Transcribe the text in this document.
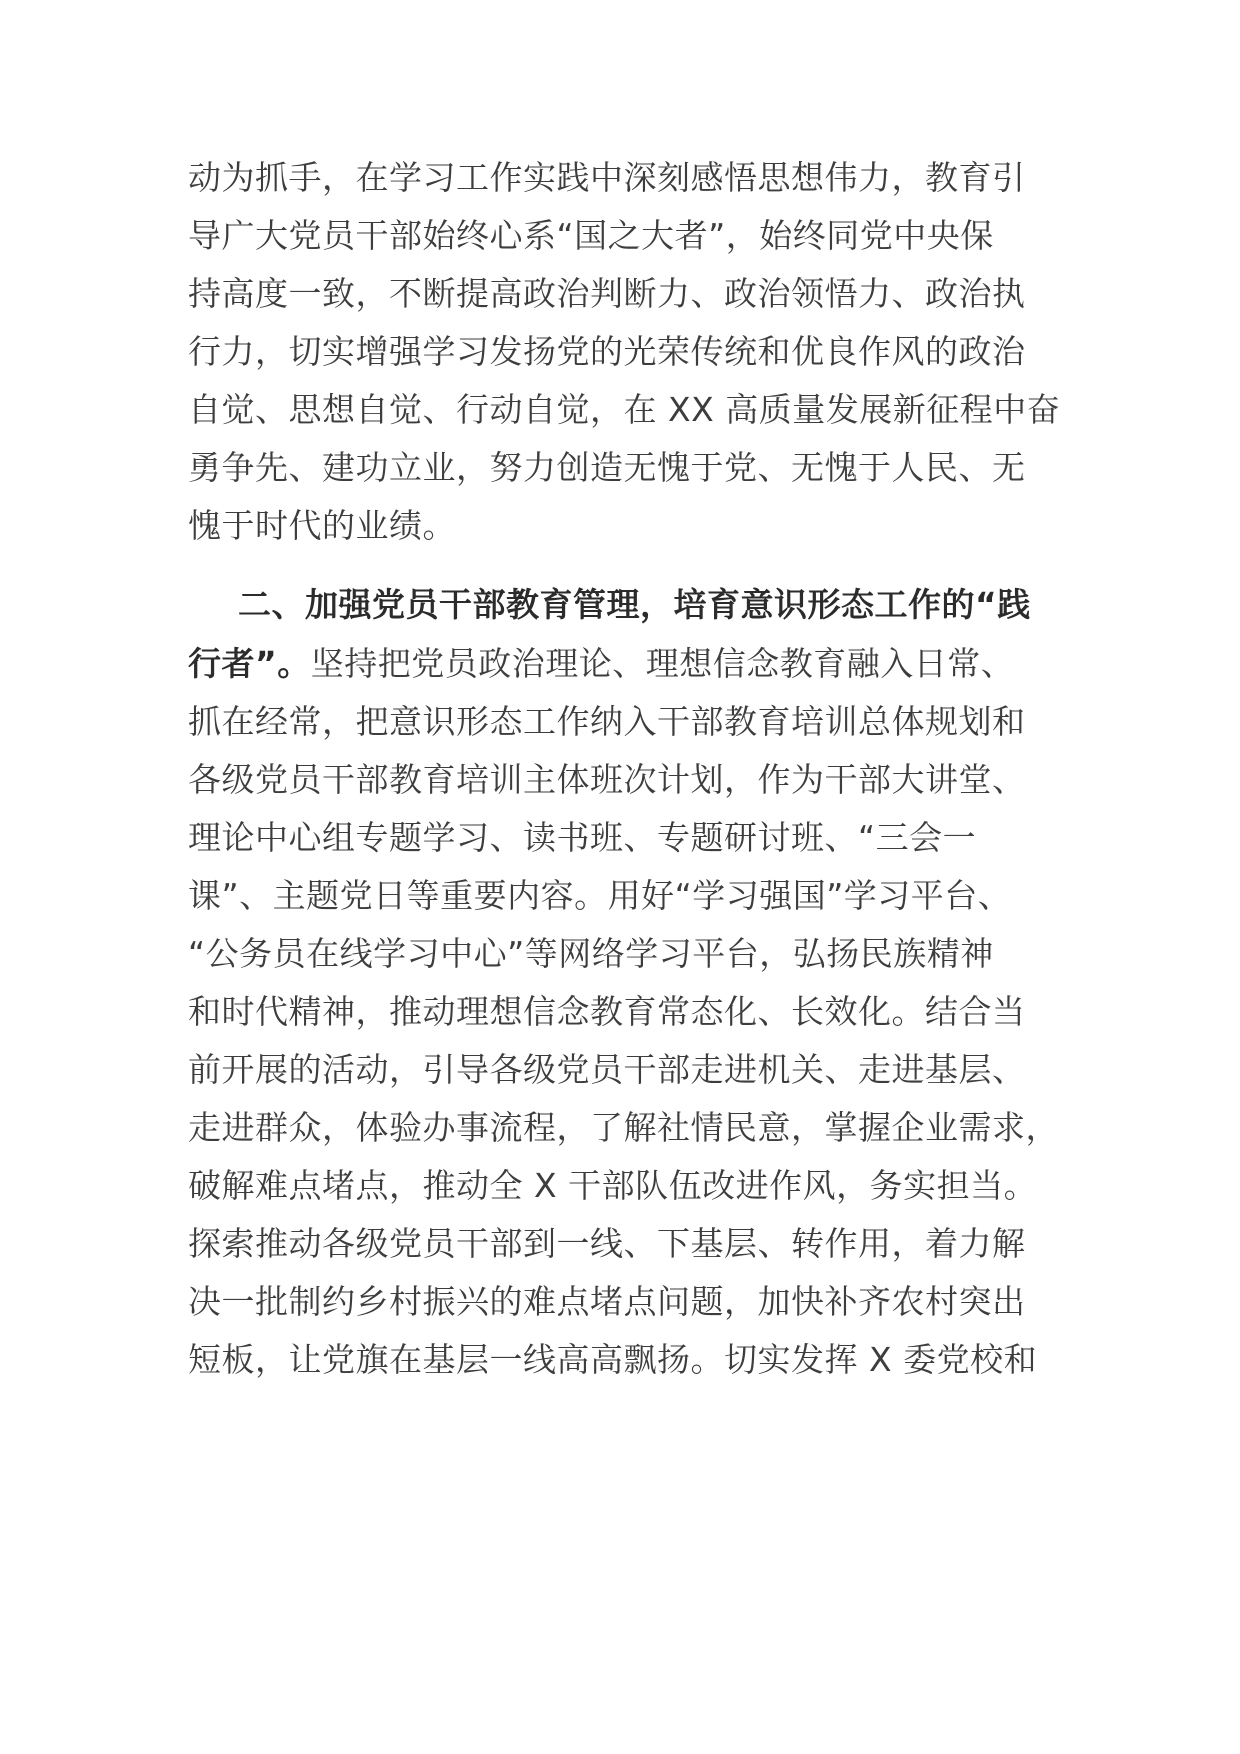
动为抓手，在学习工作实践中深刻感悟思想伟力，教育引
导广大党员干部始终心系“国之大者”，始终同党中央保
持高度一致，不断提高政治判断力、政治领悟力、政治执
行力，切实增强学习发扬党的光荣传统和优良作风的政治
自觉、思想自觉、行动自觉，在 XX 高质量发展新征程中奋
勇争先、建功立业，努力创造无愧于党、无愧于人民、无
愧于时代的业绩。
二、加强党员干部教育管理，培育意识形态工作的“践
行者”。坚持把党员政治理论、理想信念教育融入日常、
抓在经常，把意识形态工作纳入干部教育培训总体规划和
各级党员干部教育培训主体班次计划，作为干部大讲堂、
理论中心组专题学习、读书班、专题研讨班、“三会一
课”、主题党日等重要内容。用好“学习强国”学习平台、
“公务员在线学习中心”等网络学习平台，弘扬民族精神
和时代精神，推动理想信念教育常态化、长效化。结合当
前开展的活动，引导各级党员干部走进机关、走进基层、
走进群众，体验办事流程，了解社情民意，掌握企业需求，
破解难点堵点，推动全 X 干部队伍改进作风，务实担当。
探索推动各级党员干部到一线、下基层、转作用，着力解
决一批制约乡村振兴的难点堵点问题，加快补齐农村突出
短板，让党旗在基层一线高高飘扬。切实发挥 X 委党校和
